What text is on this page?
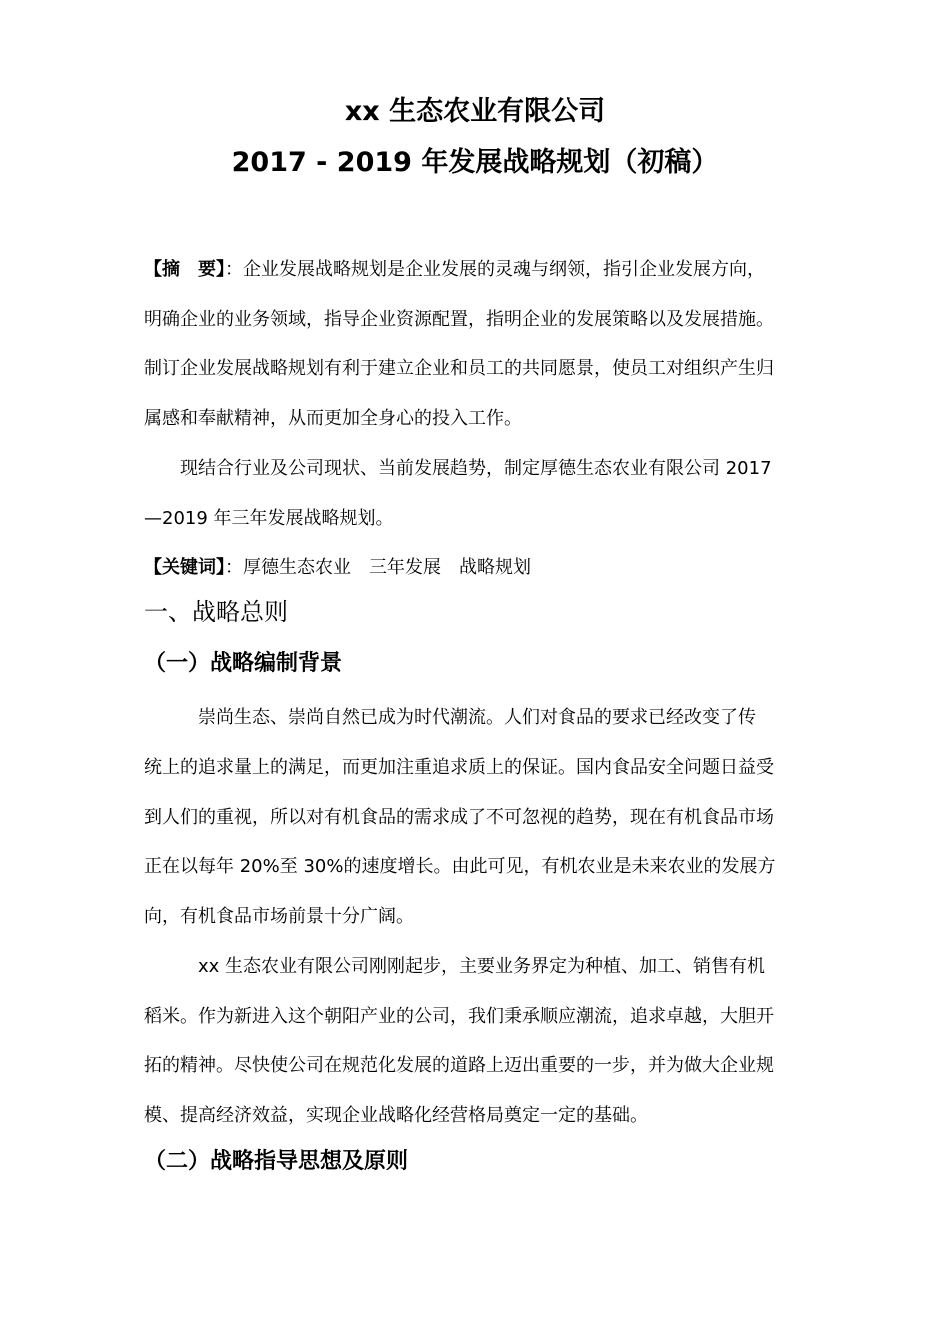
xx 生态农业有限公司
2017 - 2019 年发展战略规划（初稿）
【摘　要】：企业发展战略规划是企业发展的灵魂与纲领，指引企业发展方向，
明确企业的业务领域，指导企业资源配置，指明企业的发展策略以及发展措施。
制订企业发展战略规划有利于建立企业和员工的共同愿景，使员工对组织产生归
属感和奉献精神，从而更加全身心的投入工作。
　　现结合行业及公司现状、当前发展趋势，制定厚德生态农业有限公司 2017
—2019 年三年发展战略规划。
【关键词】：厚德生态农业 三年发展 战略规划
一、战略总则
（一）战略编制背景
　　　崇尚生态、崇尚自然已成为时代潮流。人们对食品的要求已经改变了传
统上的追求量上的满足，而更加注重追求质上的保证。国内食品安全问题日益受
到人们的重视，所以对有机食品的需求成了不可忽视的趋势，现在有机食品市场
正在以每年 20%至 30%的速度增长。由此可见，有机农业是未来农业的发展方
向，有机食品市场前景十分广阔。
　　　xx 生态农业有限公司刚刚起步，主要业务界定为种植、加工、销售有机
稻米。作为新进入这个朝阳产业的公司，我们秉承顺应潮流，追求卓越，大胆开
拓的精神。尽快使公司在规范化发展的道路上迈出重要的一步，并为做大企业规
模、提高经济效益，实现企业战略化经营格局奠定一定的基础。
（二）战略指导思想及原则
